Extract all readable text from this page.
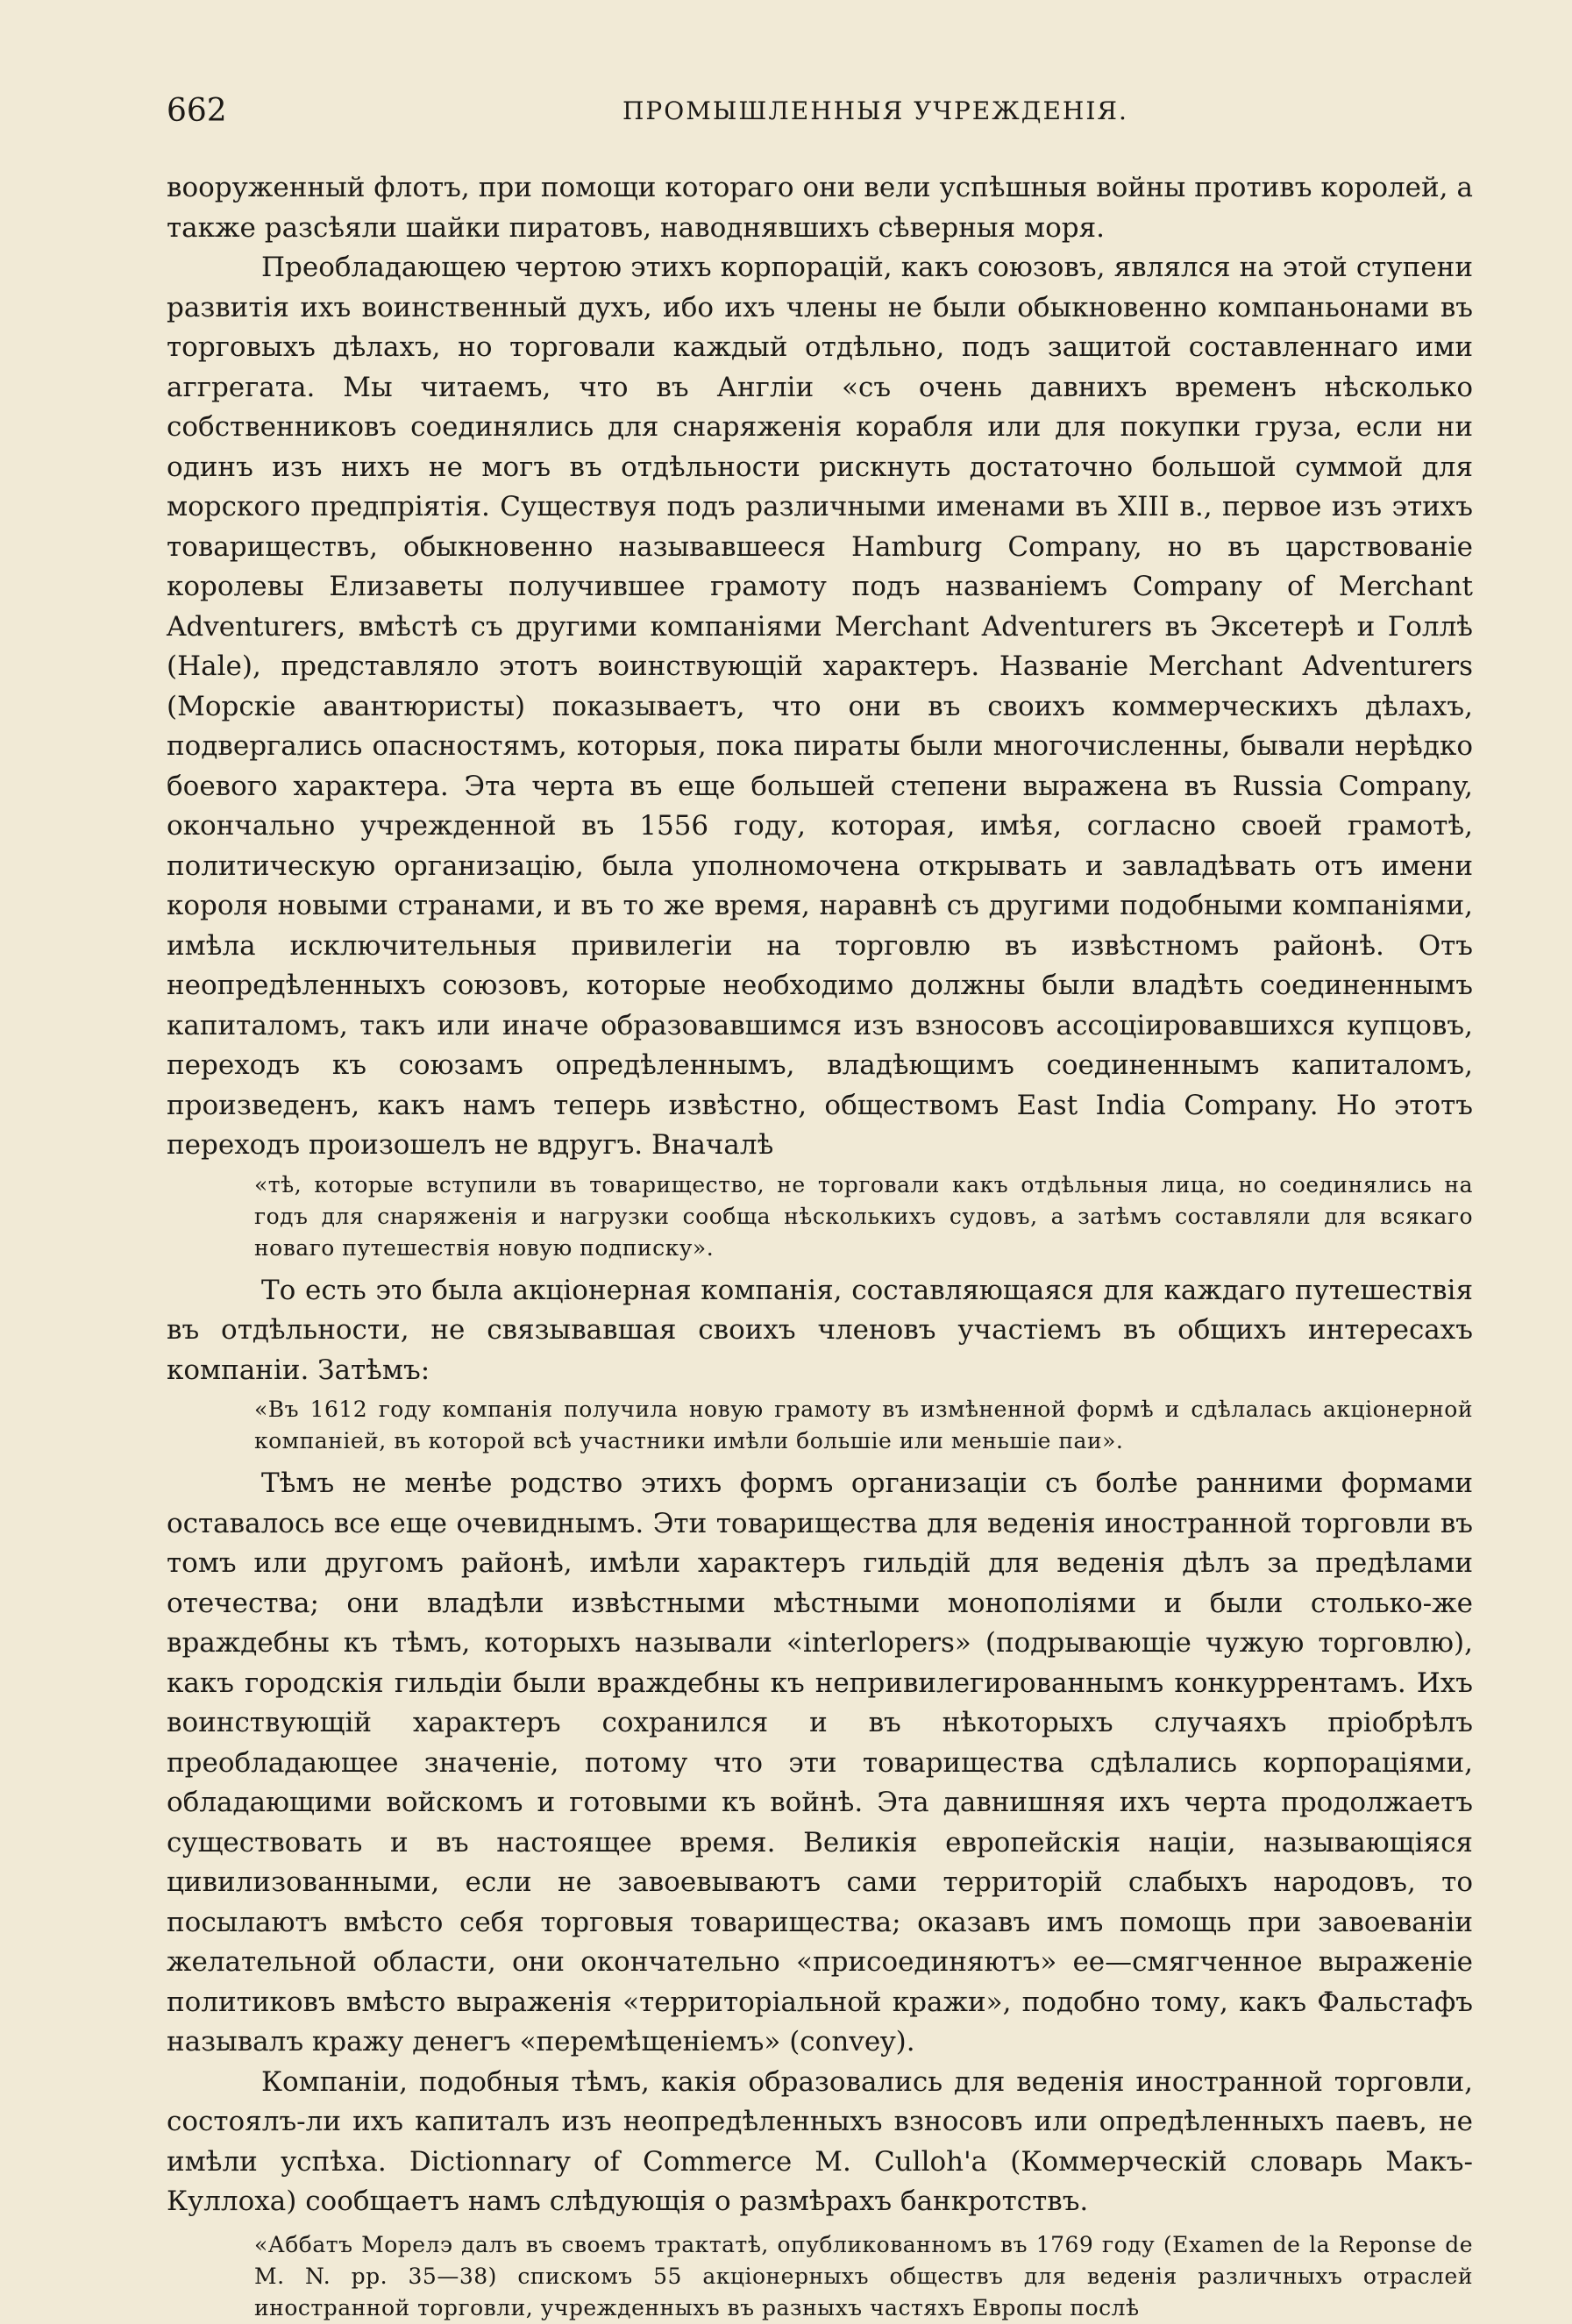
662	ПРОМЫШЛЕННЫЯ УЧРЕЖДЕНІЯ.

вооруженный флотъ, при помощи котораго они вели успѣшныя войны противъ королей, а также разсѣяли шайки пиратовъ, наводнявшихъ сѣверныя моря.

Преобладающею чертою этихъ корпорацій, какъ союзовъ, являлся на этой ступени развитія ихъ воинственный духъ, ибо ихъ члены не были обыкновенно компаньонами въ торговыхъ дѣлахъ, но торговали каждый отдѣльно, подъ защитой составленнаго ими аггрегата. Мы читаемъ, что въ Англіи «съ очень давнихъ временъ нѣсколько собственниковъ соединялись для снаряженія корабля или для покупки груза, если ни одинъ изъ нихъ не могъ въ отдѣльности рискнуть достаточно большой суммой для морского предпріятія. Существуя подъ различными именами въ XIII в., первое изъ этихъ товариществъ, обыкновенно называвшееся Hamburg Company, но въ царствованіе королевы Елизаветы получившее грамоту подъ названіемъ Company of Merchant Adventurers, вмѣстѣ съ другими компаніями Merchant Adventurers въ Эксетерѣ и Голлѣ (Hale), представляло этотъ воинствующій характеръ. Названіе Merchant Adventurers (Морскіе авантюристы) показываетъ, что они въ своихъ коммерческихъ дѣлахъ, подвергались опасностямъ, которыя, пока пираты были многочисленны, бывали нерѣдко боевого характера. Эта черта въ еще большей степени выражена въ Russia Company, окончально учрежденной въ 1556 году, которая, имѣя, согласно своей грамотѣ, политическую организацію, была уполномочена открывать и завладѣвать отъ имени короля новыми странами, и въ то же время, наравнѣ съ другими подобными компаніями, имѣла исключительныя привилегіи на торговлю въ извѣстномъ районѣ. Отъ неопредѣленныхъ союзовъ, которые необходимо должны были владѣть соединеннымъ капиталомъ, такъ или иначе образовавшимся изъ взносовъ ассоціировавшихся купцовъ, переходъ къ союзамъ опредѣленнымъ, владѣющимъ соединеннымъ капиталомъ, произведенъ, какъ намъ теперь извѣстно, обществомъ East India Company. Но этотъ переходъ произошелъ не вдругъ. Вначалѣ

«тѣ, которые вступили въ товарищество, не торговали какъ отдѣльныя лица, но соединялись на годъ для снаряженія и нагрузки сообща нѣсколькихъ судовъ, а затѣмъ составляли для всякаго новаго путешествія новую подписку».

То есть это была акціонерная компанія, составляющаяся для каждаго путешествія въ отдѣльности, не связывавшая своихъ членовъ участіемъ въ общихъ интересахъ компаніи. Затѣмъ:

«Въ 1612 году компанія получила новую грамоту въ измѣненной формѣ и сдѣлалась акціонерной компаніей, въ которой всѣ участники имѣли большіе или меньшіе паи».

Тѣмъ не менѣе родство этихъ формъ организаціи съ болѣе ранними формами оставалось все еще очевиднымъ. Эти товарищества для веденія иностранной торговли въ томъ или другомъ районѣ, имѣли характеръ гильдій для веденія дѣлъ за предѣлами отечества; они владѣли извѣстными мѣстными монополіями и были столько-же враждебны къ тѣмъ, которыхъ называли «interlopers» (подрывающіе чужую торговлю), какъ городскія гильдіи были враждебны къ непривилегированнымъ конкуррентамъ. Ихъ воинствующій характеръ сохранился и въ нѣкоторыхъ случаяхъ пріобрѣлъ преобладающее значеніе, потому что эти товарищества сдѣлались корпораціями, обладающими войскомъ и готовыми къ войнѣ. Эта давнишняя ихъ черта продолжаетъ существовать и въ настоящее время. Великія европейскія націи, называющіяся цивилизованными, если не завоевываютъ сами территорій слабыхъ народовъ, то посылаютъ вмѣсто себя торговыя товарищества; оказавъ имъ помощь при завоеваніи желательной области, они окончательно «присоединяютъ» ее—смягченное выраженіе политиковъ вмѣсто выраженія «территоріальной кражи», подобно тому, какъ Фальстафъ называлъ кражу денегъ «перемѣщеніемъ» (convey).

Компаніи, подобныя тѣмъ, какія образовались для веденія иностранной торговли, состоялъ-ли ихъ капиталъ изъ неопредѣленныхъ взносовъ или опредѣленныхъ паевъ, не имѣли успѣха. Dictionnary of Commerce M. Culloh'a (Коммерческій словарь Макъ-Куллоха) сообщаетъ намъ слѣдующія о размѣрахъ банкротствъ.

«Аббатъ Морелэ далъ въ своемъ трактатѣ, опубликованномъ въ 1769 году (Examen de la Reponse de M. N. pp. 35—38) спискомъ 55 акціонерныхъ обществъ для веденія различныхъ отраслей иностранной торговли, учрежденныхъ въ разныхъ частяхъ Европы послѣ
